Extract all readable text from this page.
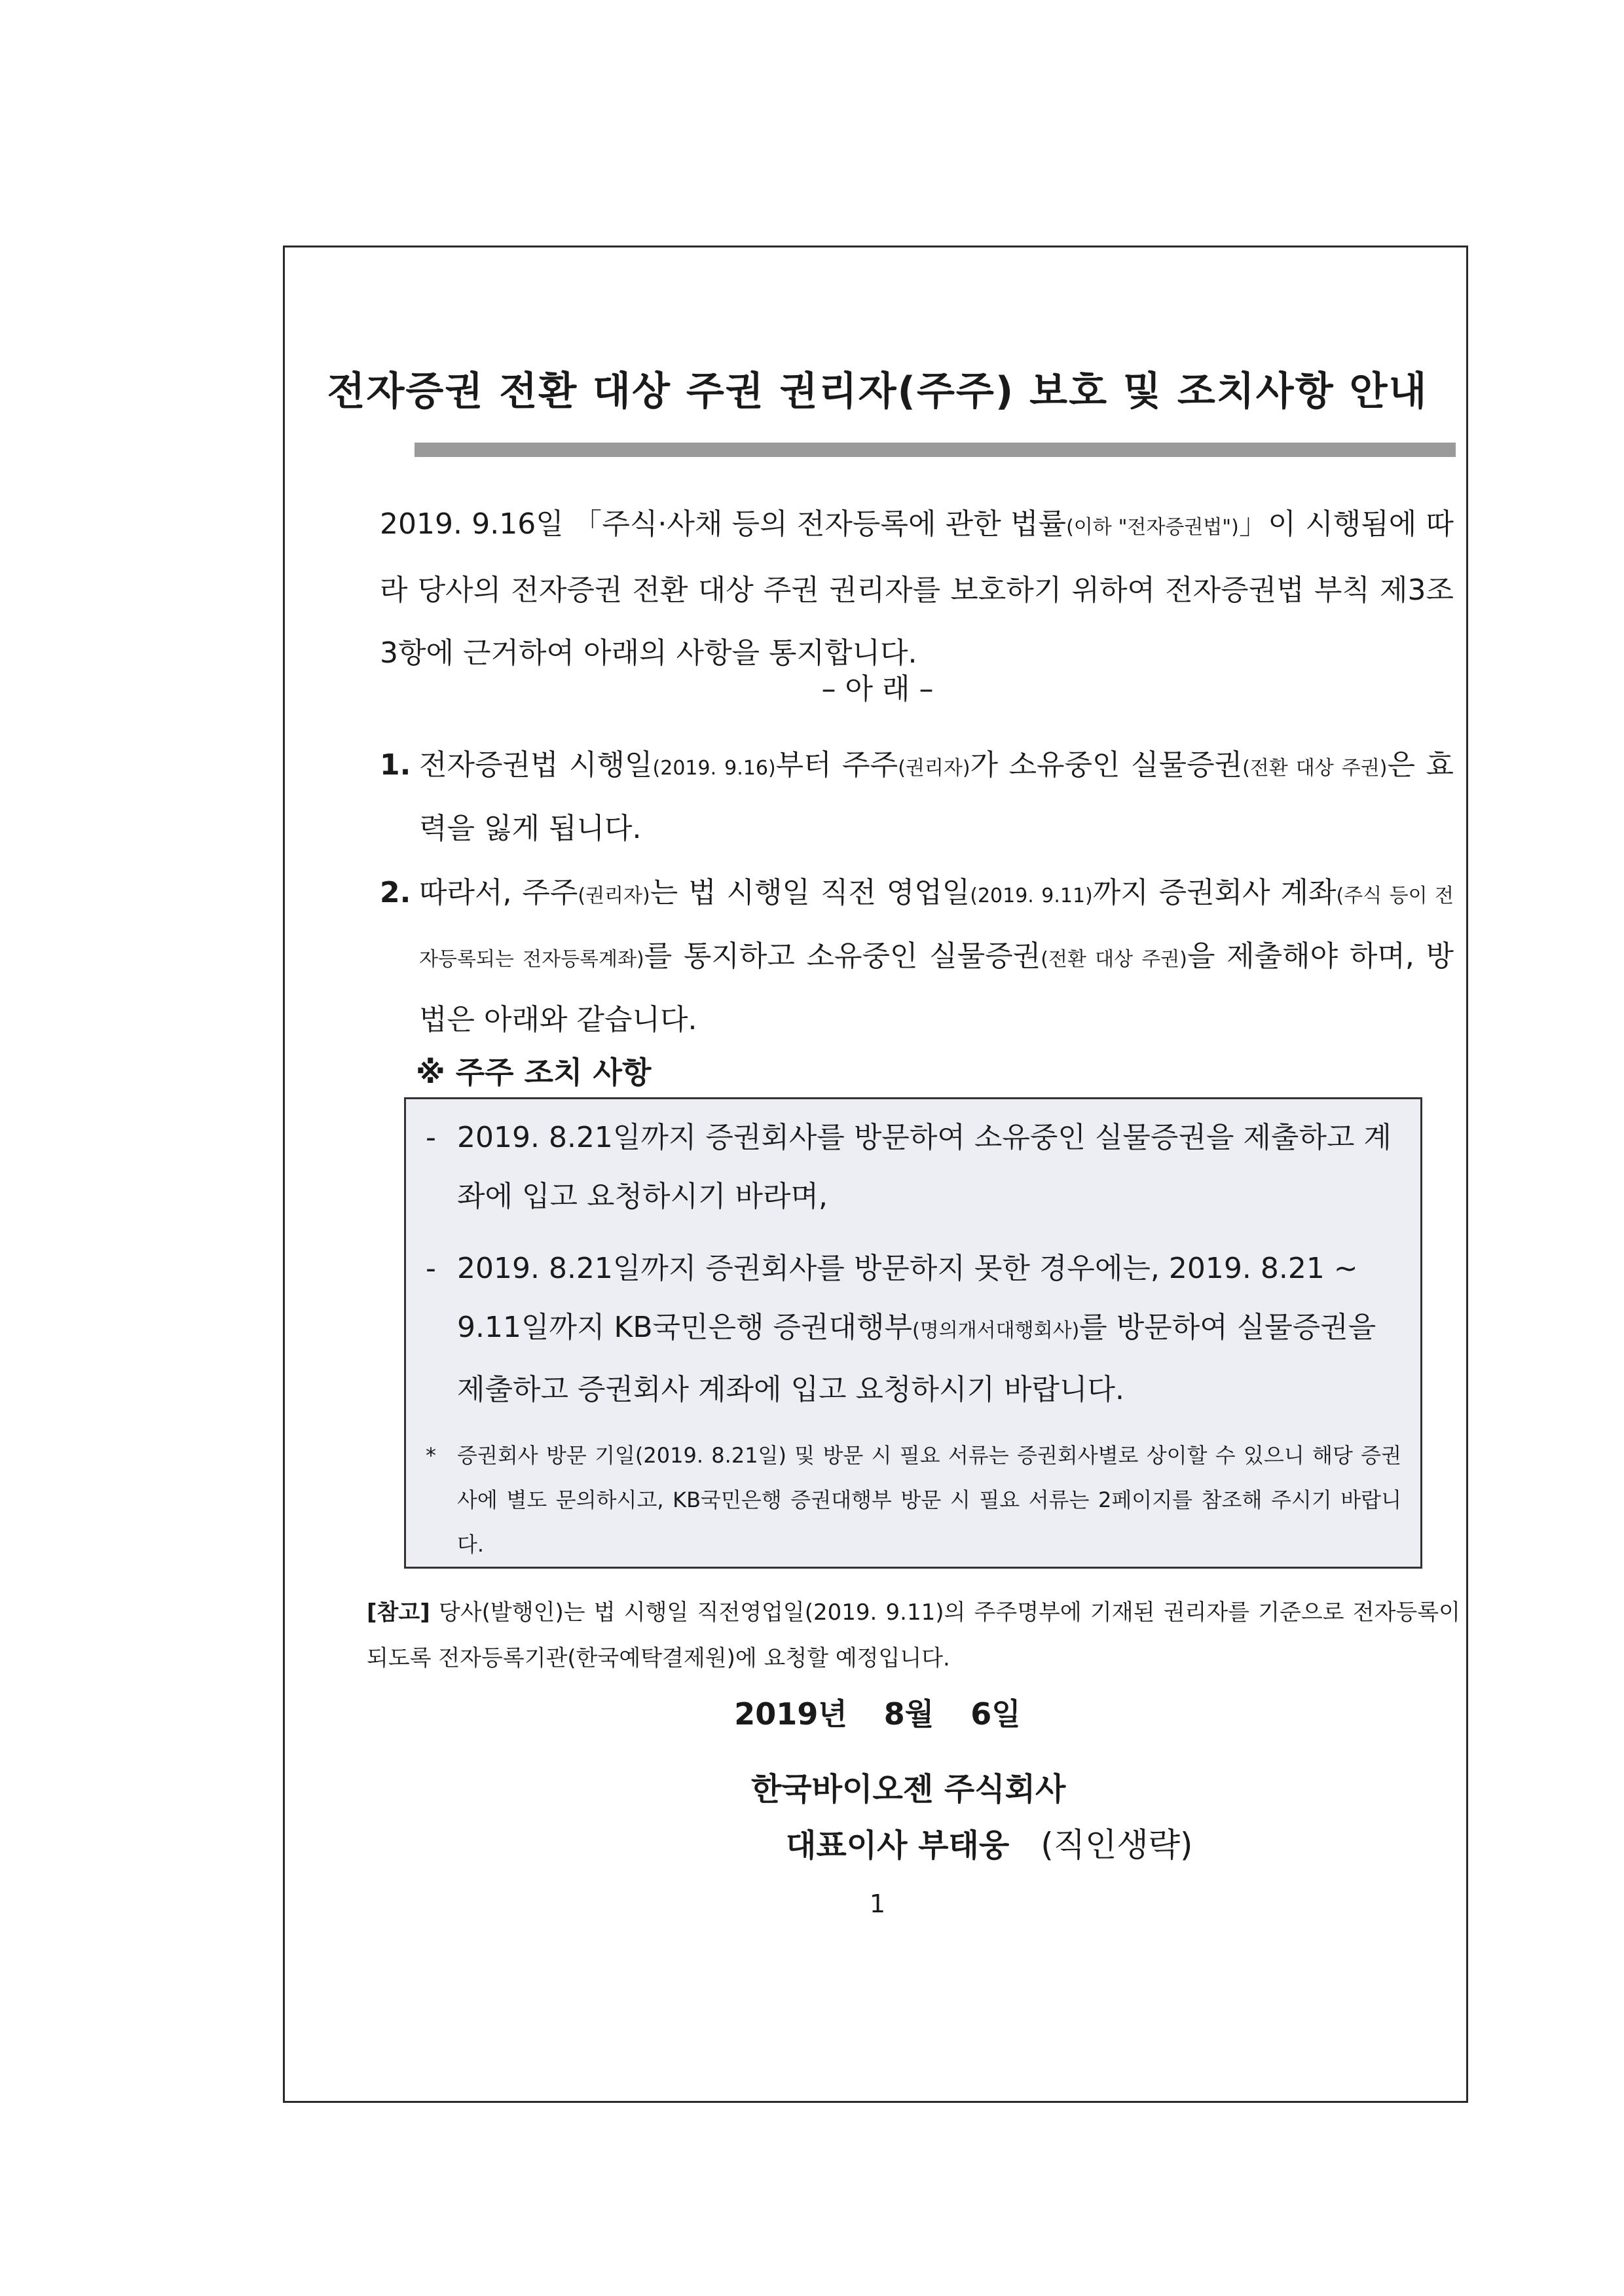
전자증권 전환 대상 주권 권리자(주주) 보호 및 조치사항 안내

2019. 9.16일 「주식·사채 등의 전자등록에 관한 법률(이하 "전자증권법")」이 시행됨에 따라 당사의 전자증권 전환 대상 주권 권리자를 보호하기 위하여 전자증권법 부칙 제3조 3항에 근거하여 아래의 사항을 통지합니다.

– 아 래 –
1. 전자증권법 시행일(2019. 9.16)부터 주주(권리자)가 소유중인 실물증권(전환 대상 주권)은 효력을 잃게 됩니다.
2. 따라서, 주주(권리자)는 법 시행일 직전 영업일(2019. 9.11)까지 증권회사 계좌(주식 등이 전자등록되는 전자등록계좌)를 통지하고 소유중인 실물증권(전환 대상 주권)을 제출해야 하며, 방법은 아래와 같습니다.
※ 주주 조치 사항
- 2019. 8.21일까지 증권회사를 방문하여 소유중인 실물증권을 제출하고 계좌에 입고 요청하시기 바라며,
- 2019. 8.21일까지 증권회사를 방문하지 못한 경우에는, 2019. 8.21 ~ 9.11일까지 KB국민은행 증권대행부(명의개서대행회사)를 방문하여 실물증권을 제출하고 증권회사 계좌에 입고 요청하시기 바랍니다.
* 증권회사 방문 기일(2019. 8.21일) 및 방문 시 필요 서류는 증권회사별로 상이할 수 있으니 해당 증권사에 별도 문의하시고, KB국민은행 증권대행부 방문 시 필요 서류는 2페이지를 참조해 주시기 바랍니다.
[참고] 당사(발행인)는 법 시행일 직전영업일(2019. 9.11)의 주주명부에 기재된 권리자를 기준으로 전자등록이 되도록 전자등록기관(한국예탁결제원)에 요청할 예정입니다.
2019년 8월 6일
한국바이오젠 주식회사
대표이사 부태웅 (직인생략)
1
